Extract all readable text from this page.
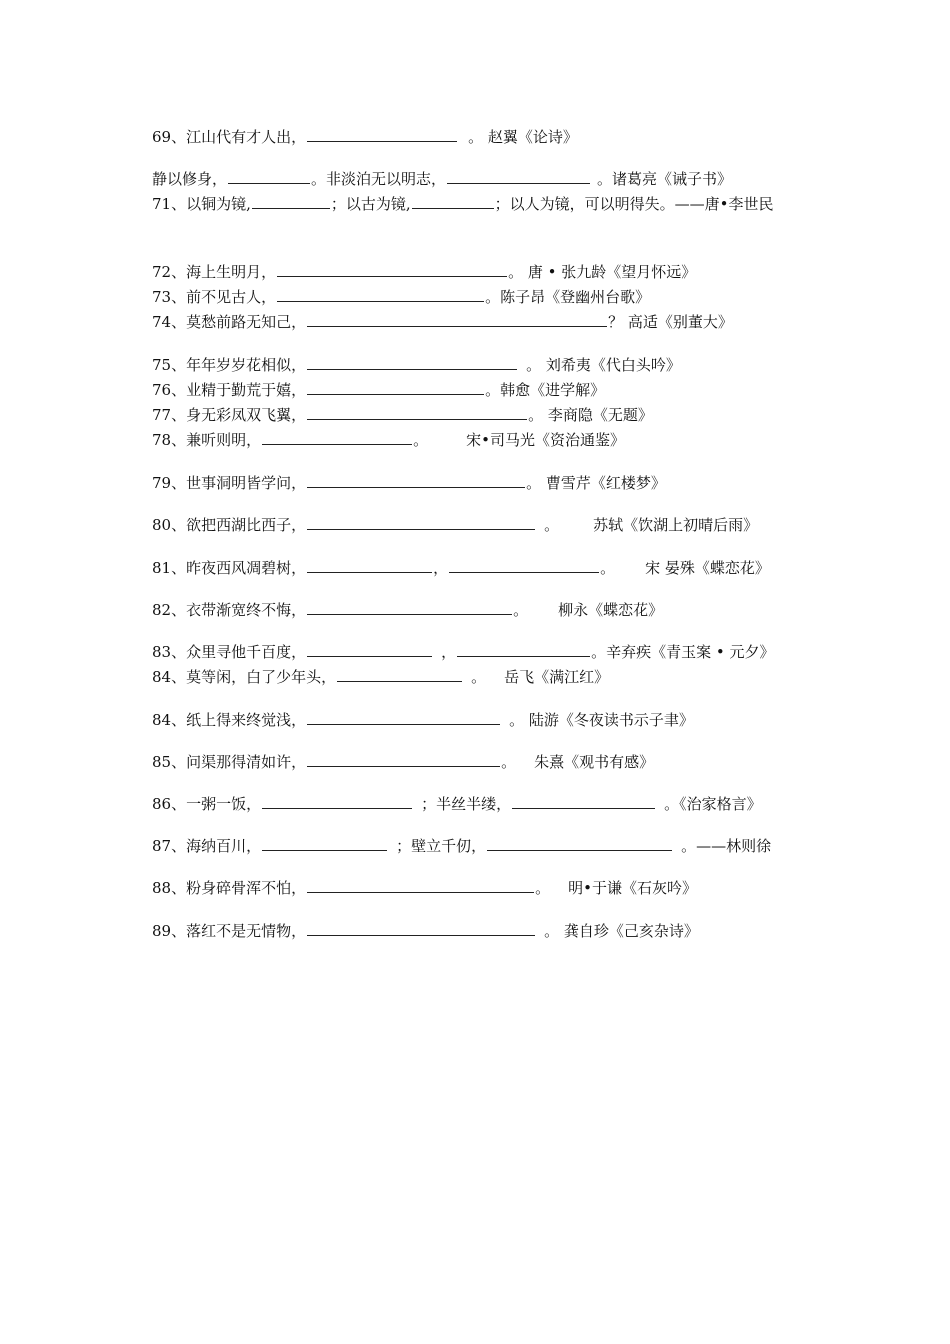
69、江山代有才人出，	。 赵翼《论诗》
静以修身，	。非淡泊无以明志，	。诸葛亮《诫子书》
71、以铜为镜,	；以古为镜,	；以人为镜，可以明得失。——唐•李世民
72、海上生明月，	。 唐 • 张九龄《望月怀远》
73、前不见古人，	。陈子昂《登幽州台歌》
74、莫愁前路无知己，	？ 高适《别董大》
75、年年岁岁花相似，	。 刘希夷《代白头吟》
76、业精于勤荒于嬉，	。韩愈《进学解》
77、身无彩凤双飞翼，	。 李商隐《无题》
78、兼听则明，	。	宋•司马光《资治通鉴》
79、世事洞明皆学问，	。 曹雪芹《红楼梦》
80、欲把西湖比西子，	。 苏轼《饮湖上初晴后雨》
81、昨夜西风凋碧树，	，	。 宋 晏殊《蝶恋花》
82、衣带渐宽终不悔，	。 柳永《蝶恋花》
83、众里寻他千百度，	，	。辛弃疾《青玉案 • 元夕》
84、莫等闲，白了少年头，	。 岳飞《满江红》
84、纸上得来终觉浅，	。 陆游《冬夜读书示子聿》
85、问渠那得清如许，	。 朱熹《观书有感》
86、一粥一饭，	；半丝半缕，	。《治家格言》
87、海纳百川，	；壁立千仞，	。——林则徐
88、粉身碎骨浑不怕，	。 明•于谦《石灰吟》
89、落红不是无情物，	。 龚自珍《己亥杂诗》
